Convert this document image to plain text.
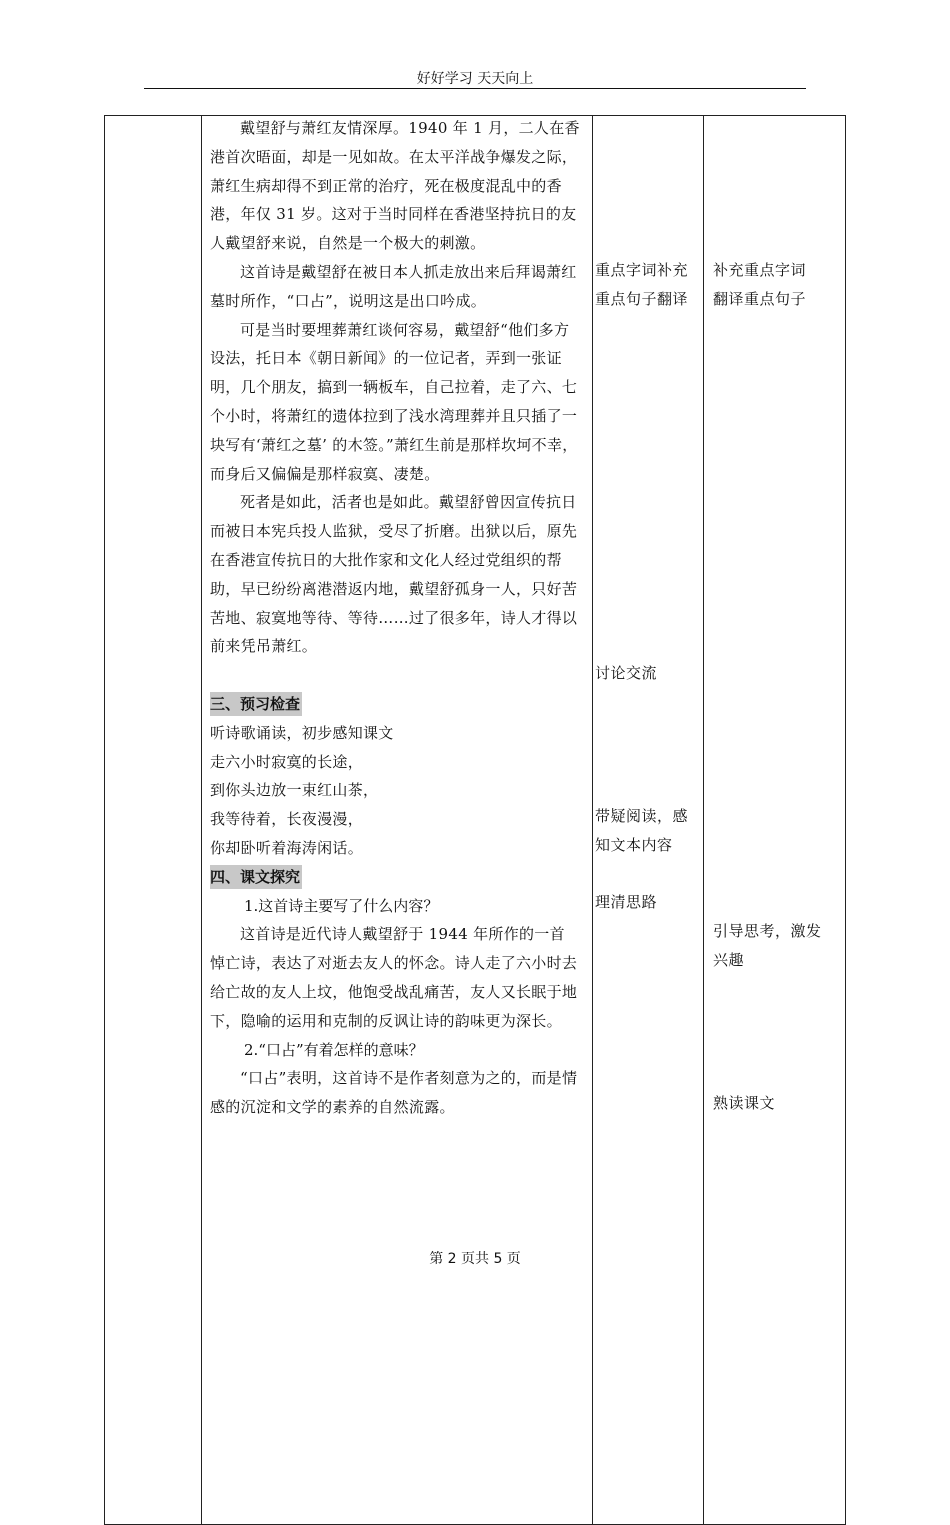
好好学习 天天向上

戴望舒与萧红友情深厚。1940 年 1 月，二人在香港首次晤面，却是一见如故。在太平洋战争爆发之际，萧红生病却得不到正常的治疗，死在极度混乱中的香港，年仅 31 岁。这对于当时同样在香港坚持抗日的友人戴望舒来说，自然是一个极大的刺激。

这首诗是戴望舒在被日本人抓走放出来后拜谒萧红墓时所作，“口占”，说明这是出口吟成。

可是当时要埋葬萧红谈何容易，戴望舒“他们多方设法，托日本《朝日新闻》的一位记者，弄到一张证明，几个朋友，搞到一辆板车，自己拉着，走了六、七个小时，将萧红的遗体拉到了浅水湾理葬并且只插了一块写有‘萧红之墓’ 的木签。”萧红生前是那样坎坷不幸，而身后又偏偏是那样寂寞、凄楚。

死者是如此，活者也是如此。戴望舒曾因宣传抗日而被日本宪兵投人监狱，受尽了折磨。出狱以后，原先在香港宣传抗日的大批作家和文化人经过党组织的帮助，早已纷纷离港潜返内地，戴望舒孤身一人，只好苦苦地、寂寞地等待、等待……过了很多年，诗人才得以前来凭吊萧红。

三、预习检查

听诗歌诵读，初步感知课文

走六小时寂寞的长途，

到你头边放一束红山茶，

我等待着，长夜漫漫，

你却卧听着海涛闲话。

四、课文探究

1.这首诗主要写了什么内容？

这首诗是近代诗人戴望舒于 1944 年所作的一首悼亡诗，表达了对逝去友人的怀念。诗人走了六小时去给亡故的友人上坟，他饱受战乱痛苦，友人又长眠于地下，隐喻的运用和克制的反讽让诗的韵味更为深长。

2.“口占”有着怎样的意味？

“口占”表明，这首诗不是作者刻意为之的，而是情感的沉淀和文学的素养的自然流露。

重点字词补充

重点句子翻译

讨论交流

带疑阅读，感

知文本内容

理清思路

补充重点字词

翻译重点句子

引导思考，激发

兴趣

熟读课文

第 2 页共 5 页
